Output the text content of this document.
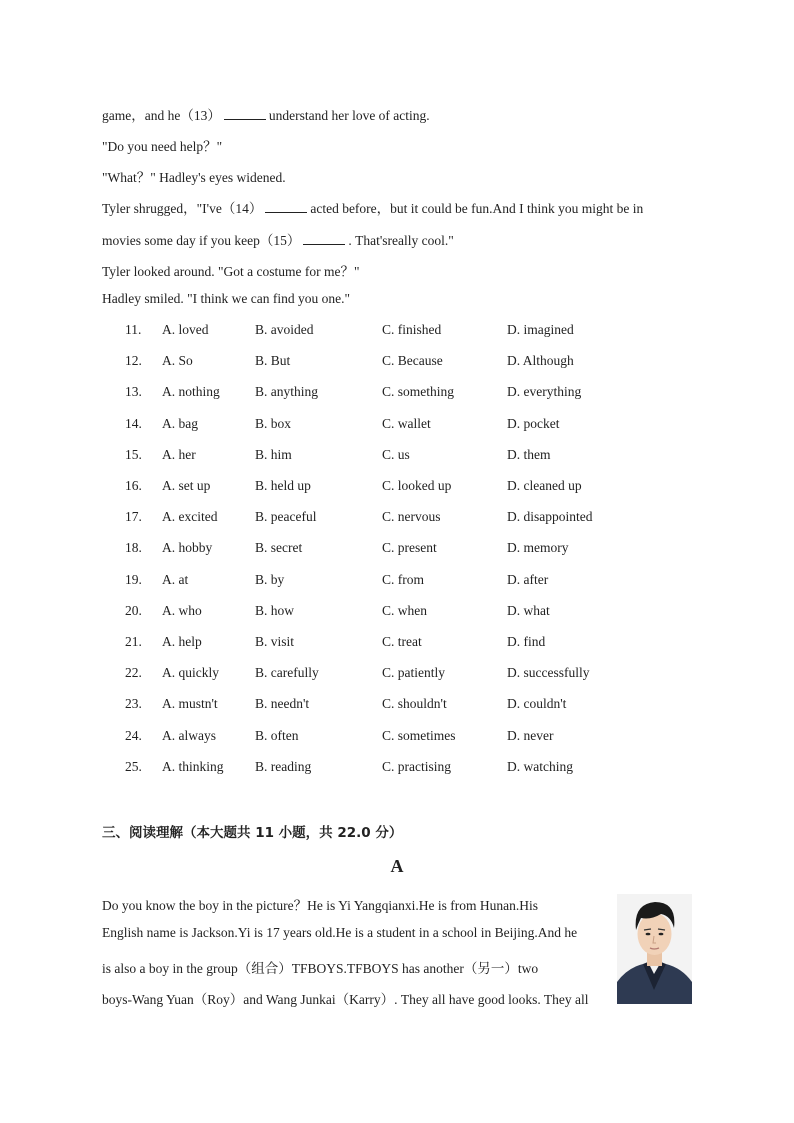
game，and he（13）	understand her love of acting.
"Do you need help？"
"What？" Hadley's eyes widened.
Tyler shrugged，"I've（14）	acted before，but it could be fun.And I think you might be in
movies some day if you keep（15）	. That'sreally cool."
Tyler looked around. "Got a costume for me？"
Hadley smiled. "I think we can find you one."
11. A. loved	B. avoided	C. finished	D. imagined
12. A. So	B. But	C. Because	D. Although
13. A. nothing	B. anything	C. something	D. everything
14. A. bag	B. box	C. wallet	D. pocket
15. A. her	B. him	C. us	D. them
16. A. set up	B. held up	C. looked up	D. cleaned up
17. A. excited	B. peaceful	C. nervous	D. disappointed
18. A. hobby	B. secret	C. present	D. memory
19. A. at	B. by	C. from	D. after
20. A. who	B. how	C. when	D. what
21. A. help	B. visit	C. treat	D. find
22. A. quickly	B. carefully	C. patiently	D. successfully
23. A. mustn't	B. needn't	C. shouldn't	D. couldn't
24. A. always	B. often	C. sometimes	D. never
25. A. thinking B. reading	C. practising	D. watching
三、阅读理解（本大题共 11 小题，共 22.0 分）
A
Do you know the boy in the picture？He is Yi Yangqianxi.He is from Hunan.His
English name is Jackson.Yi is 17 years old.He is a student in a school in Beijing.And he
is also a boy in the group（组合）TFBOYS.TFBOYS has another（另一）two
boys-Wang Yuan（Roy）and Wang Junkai（Karry）. They all have good looks. They all
